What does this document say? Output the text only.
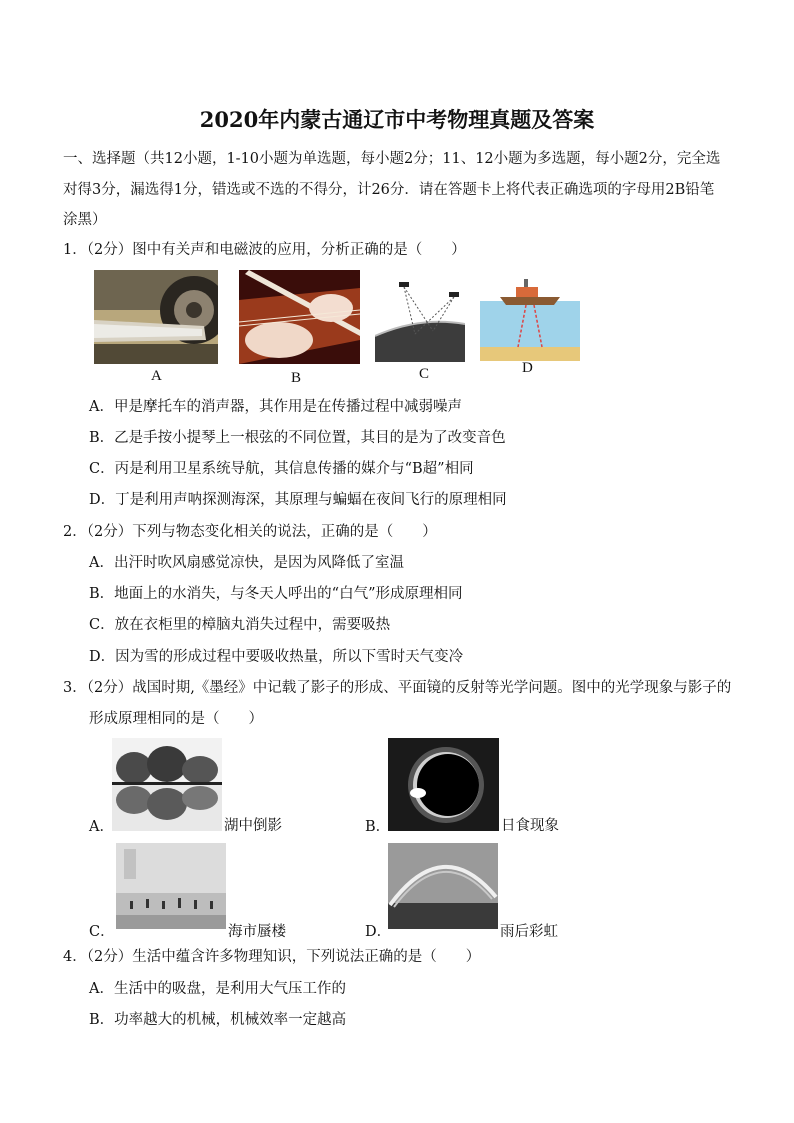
2020年内蒙古通辽市中考物理真题及答案
一、选择题（共12小题，1-10小题为单选题，每小题2分；11、12小题为多选题，每小题2分，完全选
对得3分，漏选得1分，错选或不选的不得分，计26分．请在答题卡上将代表正确选项的字母用2B铅笔
涂黑）
1．（2分）图中有关声和电磁波的应用，分析正确的是（　　）
A	B	C	D
A．甲是摩托车的消声器，其作用是在传播过程中减弱噪声
B．乙是手按小提琴上一根弦的不同位置，其目的是为了改变音色
C．丙是利用卫星系统导航，其信息传播的媒介与“B超”相同
D．丁是利用声呐探测海深，其原理与蝙蝠在夜间飞行的原理相同
2．（2分）下列与物态变化相关的说法，正确的是（　　）
A．出汗时吹风扇感觉凉快，是因为风降低了室温
B．地面上的水消失，与冬天人呼出的“白气”形成原理相同
C．放在衣柜里的樟脑丸消失过程中，需要吸热
D．因为雪的形成过程中要吸收热量，所以下雪时天气变冷
3．（2分）战国时期,《墨经》中记载了影子的形成、平面镜的反射等光学问题。图中的光学现象与影子的
形成原理相同的是（　　）
A．	湖中倒影	B．	日食现象
C．	海市蜃楼	D．	雨后彩虹
4．（2分）生活中蕴含许多物理知识，下列说法正确的是（　　）
A．生活中的吸盘，是利用大气压工作的
B．功率越大的机械，机械效率一定越高
